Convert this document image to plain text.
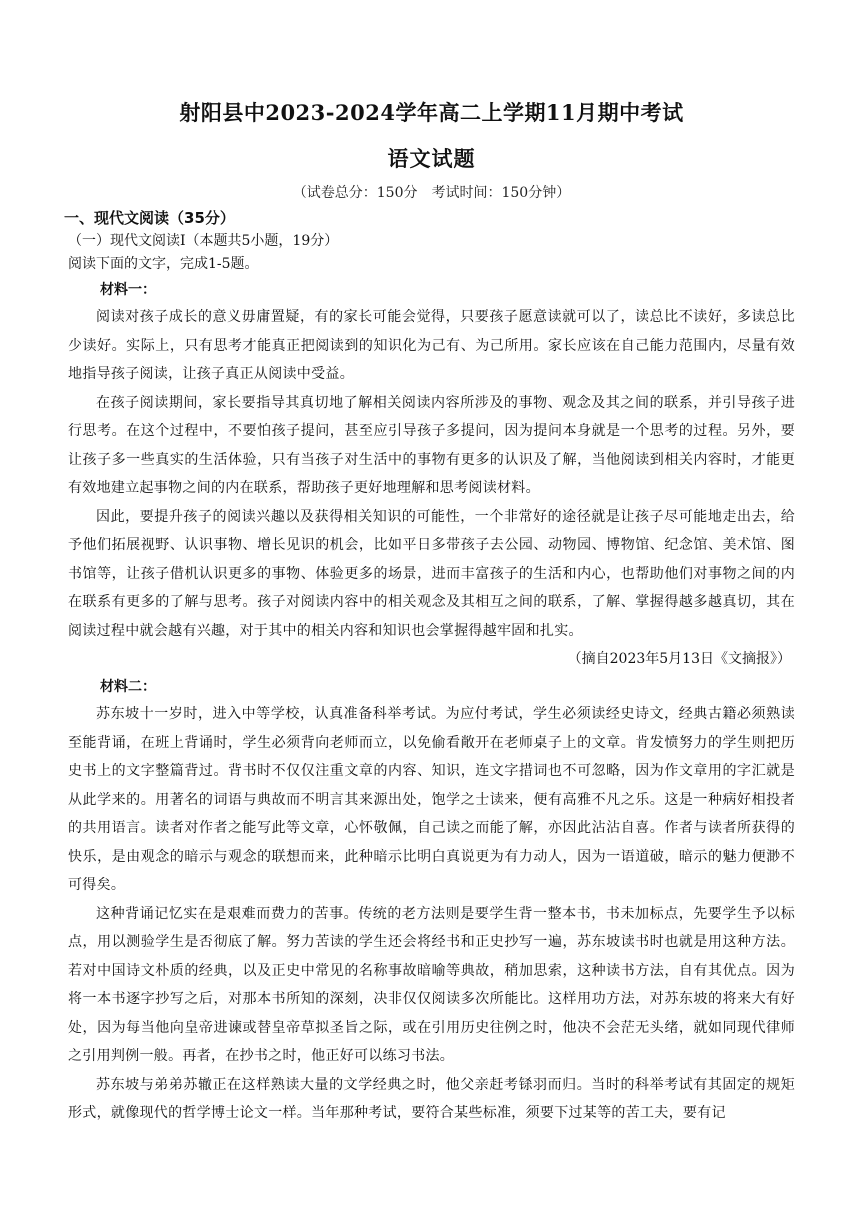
射阳县中2023-2024学年高二上学期11月期中考试
语文试题
（试卷总分：150分　考试时间：150分钟）
一、现代文阅读（35分）
（一）现代文阅读Ⅰ（本题共5小题，19分）
阅读下面的文字，完成1-5题。
材料一：

阅读对孩子成长的意义毋庸置疑，有的家长可能会觉得，只要孩子愿意读就可以了，读总比不读好，多读总比少读好。实际上，只有思考才能真正把阅读到的知识化为己有、为己所用。家长应该在自己能力范围内，尽量有效地指导孩子阅读，让孩子真正从阅读中受益。

在孩子阅读期间，家长要指导其真切地了解相关阅读内容所涉及的事物、观念及其之间的联系，并引导孩子进行思考。在这个过程中，不要怕孩子提问，甚至应引导孩子多提问，因为提问本身就是一个思考的过程。另外，要让孩子多一些真实的生活体验，只有当孩子对生活中的事物有更多的认识及了解，当他阅读到相关内容时，才能更有效地建立起事物之间的内在联系，帮助孩子更好地理解和思考阅读材料。

因此，要提升孩子的阅读兴趣以及获得相关知识的可能性，一个非常好的途径就是让孩子尽可能地走出去，给予他们拓展视野、认识事物、增长见识的机会，比如平日多带孩子去公园、动物园、博物馆、纪念馆、美术馆、图书馆等，让孩子借机认识更多的事物、体验更多的场景，进而丰富孩子的生活和内心，也帮助他们对事物之间的内在联系有更多的了解与思考。孩子对阅读内容中的相关观念及其相互之间的联系，了解、掌握得越多越真切，其在阅读过程中就会越有兴趣，对于其中的相关内容和知识也会掌握得越牢固和扎实。

（摘自2023年5月13日《文摘报》）
材料二：

苏东坡十一岁时，进入中等学校，认真准备科举考试。为应付考试，学生必须读经史诗文，经典古籍必须熟读至能背诵，在班上背诵时，学生必须背向老师而立，以免偷看敞开在老师桌子上的文章。肯发愤努力的学生则把历史书上的文字整篇背过。背书时不仅仅注重文章的内容、知识，连文字措词也不可忽略，因为作文章用的字汇就是从此学来的。用著名的词语与典故而不明言其来源出处，饱学之士读来，便有高雅不凡之乐。这是一种病好相投者的共用语言。读者对作者之能写此等文章，心怀敬佩，自己读之而能了解，亦因此沾沾自喜。作者与读者所获得的快乐，是由观念的暗示与观念的联想而来，此种暗示比明白真说更为有力动人，因为一语道破，暗示的魅力便渺不可得矣。

这种背诵记忆实在是艰难而费力的苦事。传统的老方法则是要学生背一整本书，书未加标点，先要学生予以标点，用以测验学生是否彻底了解。努力苦读的学生还会将经书和正史抄写一遍，苏东坡读书时也就是用这种方法。若对中国诗文朴质的经典，以及正史中常见的名称事故暗喻等典故，稍加思索，这种读书方法，自有其优点。因为将一本书逐字抄写之后，对那本书所知的深刻，决非仅仅阅读多次所能比。这样用功方法，对苏东坡的将来大有好处，因为每当他向皇帝进谏或替皇帝草拟圣旨之际，或在引用历史往例之时，他决不会茫无头绪，就如同现代律师之引用判例一般。再者，在抄书之时，他正好可以练习书法。

苏东坡与弟弟苏辙正在这样熟读大量的文学经典之时，他父亲赶考铩羽而归。当时的科举考试有其固定的规矩形式，就像现代的哲学博士论文一样。当年那种考试，要符合某些标准，须要下过某等的苦工夫，要有记
